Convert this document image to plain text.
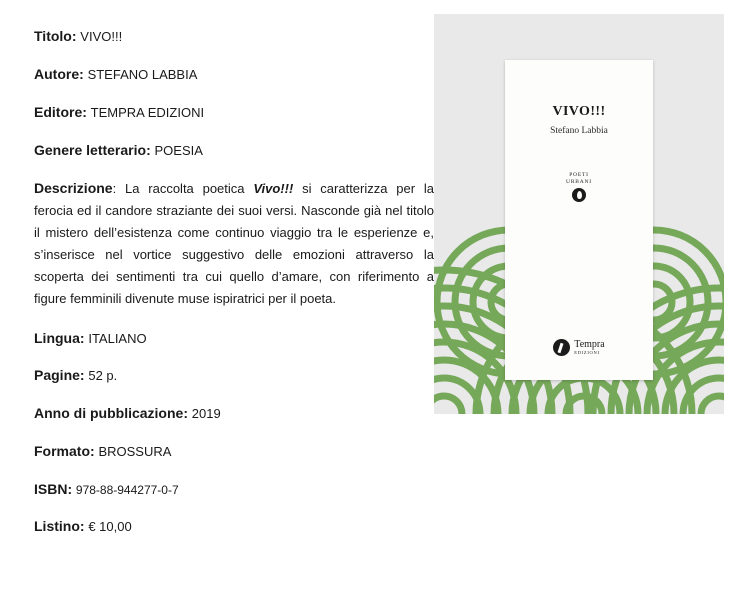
Titolo: VIVO!!!
Autore: STEFANO LABBIA
Editore: TEMPRA EDIZIONI
Genere letterario: POESIA
Descrizione: La raccolta poetica Vivo!!! si caratterizza per la ferocia ed il candore straziante dei suoi versi. Nasconde già nel titolo il mistero dell’esistenza come continuo viaggio tra le esperienze e, s’inserisce nel vortice suggestivo delle emozioni attraverso la scoperta dei sentimenti tra cui quello d’amare, con riferimento a figure femminili divenute muse ispiratrici per il poeta.
Lingua: ITALIANO
Pagine: 52 p.
Anno di pubblicazione: 2019
Formato: BROSSURA
ISBN: 978-88-944277-0-7
Listino: € 10,00
VIVO!!!
Stefano Labbia
POETI
URBANI
Tempra
EDIZIONI
